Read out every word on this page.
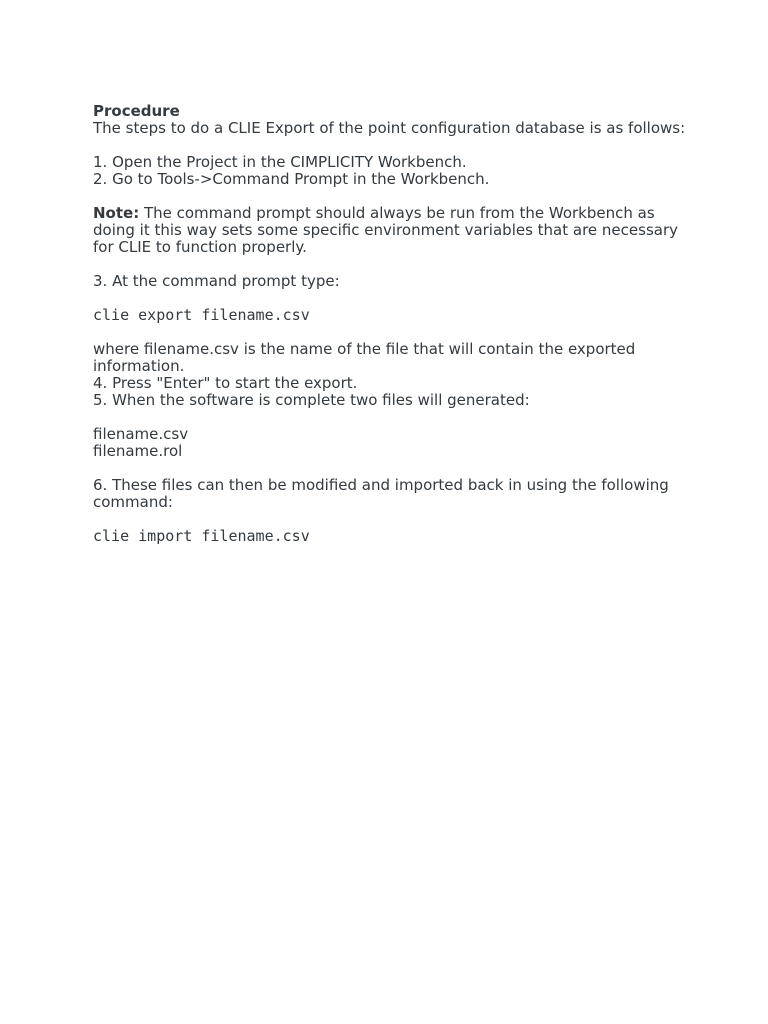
Procedure
The steps to do a CLIE Export of the point configuration database is as follows:
1. Open the Project in the CIMPLICITY Workbench.
2. Go to Tools->Command Prompt in the Workbench.
Note: The command prompt should always be run from the Workbench as doing it this way sets some specific environment variables that are necessary for CLIE to function properly.
3. At the command prompt type:
clie export filename.csv
where filename.csv is the name of the file that will contain the exported information.
4. Press "Enter" to start the export.
5. When the software is complete two files will generated:
filename.csv
filename.rol
6. These files can then be modified and imported back in using the following command:
clie import filename.csv
